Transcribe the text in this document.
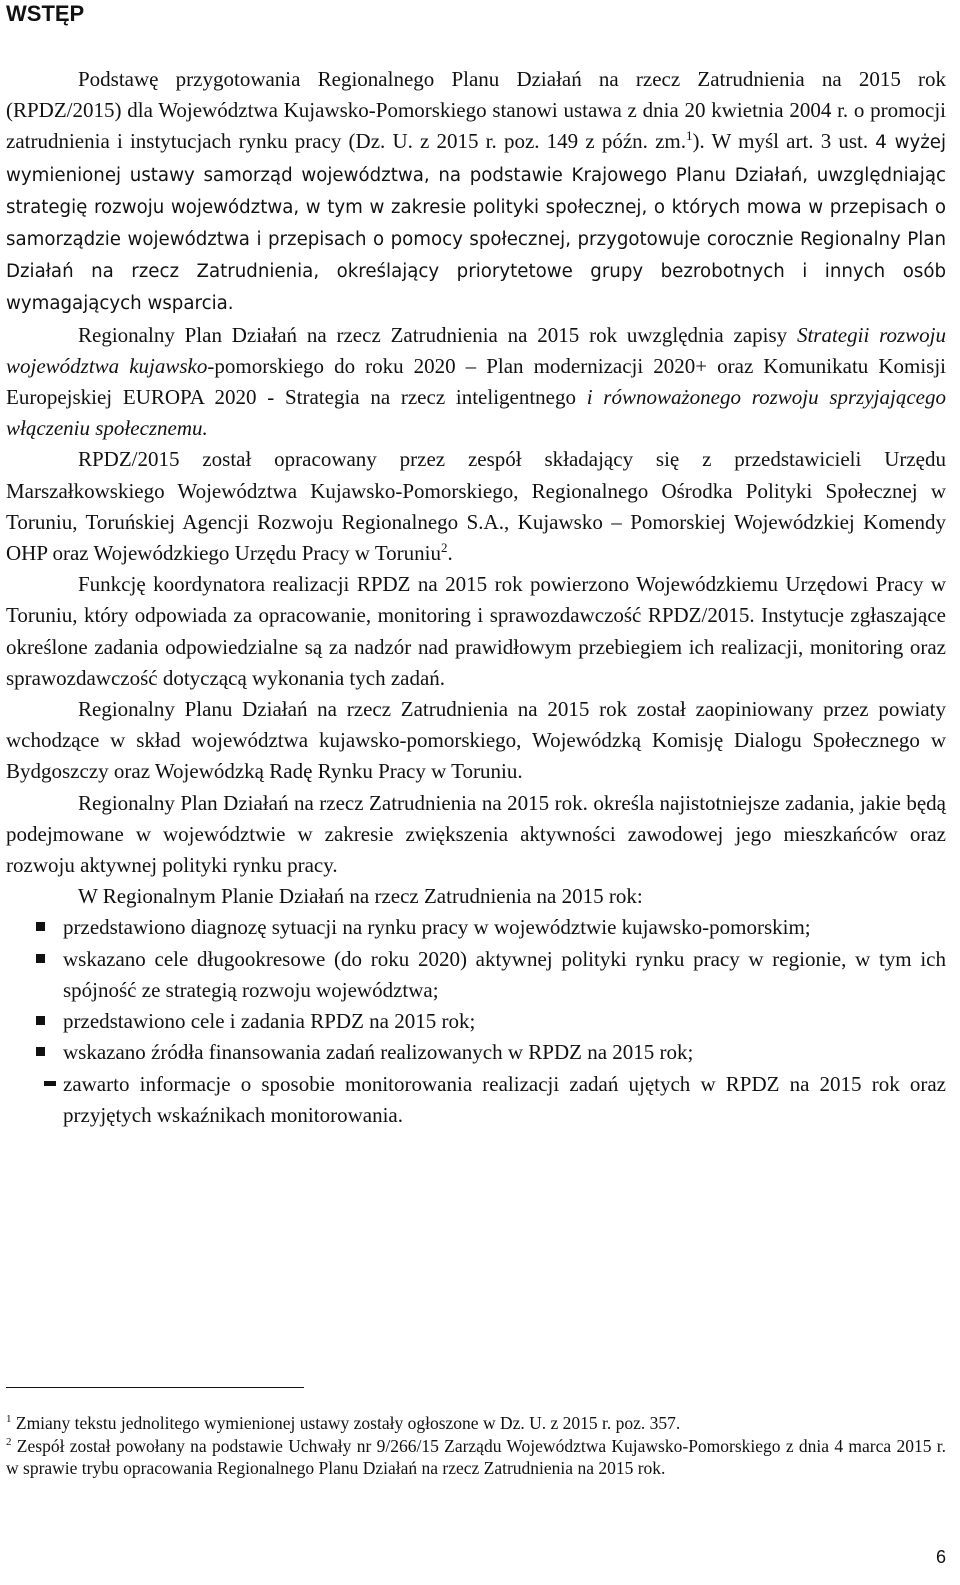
WSTĘP

Podstawę przygotowania Regionalnego Planu Działań na rzecz Zatrudnienia na 2015 rok (RPDZ/2015) dla Województwa Kujawsko-Pomorskiego stanowi ustawa z dnia 20 kwietnia 2004 r. o promocji zatrudnienia i instytucjach rynku pracy (Dz. U. z 2015 r. poz. 149 z późn. zm.$^1$). W myśl art. 3 ust. 4 wyżej wymienionej ustawy samorząd województwa, na podstawie Krajowego Planu Działań, uwzględniając strategię rozwoju województwa, w tym w zakresie polityki społecznej, o których mowa w przepisach o samorządzie województwa i przepisach o pomocy społecznej, przygotowuje corocznie Regionalny Plan Działań na rzecz Zatrudnienia, określający priorytetowe grupy bezrobotnych i innych osób wymagających wsparcia.

Regionalny Plan Działań na rzecz Zatrudnienia na 2015 rok uwzględnia zapisy Strategii rozwoju województwa kujawsko-pomorskiego do roku 2020 – Plan modernizacji 2020+ oraz Komunikatu Komisji Europejskiej EUROPA 2020 - Strategia na rzecz inteligentnego i równoważonego rozwoju sprzyjającego włączeniu społecznemu.

RPDZ/2015 został opracowany przez zespół składający się z przedstawicieli Urzędu Marszałkowskiego Województwa Kujawsko-Pomorskiego, Regionalnego Ośrodka Polityki Społecznej w Toruniu, Toruńskiej Agencji Rozwoju Regionalnego S.A., Kujawsko – Pomorskiej Wojewódzkiej Komendy OHP oraz Wojewódzkiego Urzędu Pracy w Toruniu$^2$.

Funkcję koordynatora realizacji RPDZ na 2015 rok powierzono Wojewódzkiemu Urzędowi Pracy w Toruniu, który odpowiada za opracowanie, monitoring i sprawozdawczość RPDZ/2015. Instytucje zgłaszające określone zadania odpowiedzialne są za nadzór nad prawidłowym przebiegiem ich realizacji, monitoring oraz sprawozdawczość dotyczącą wykonania tych zadań.

Regionalny Planu Działań na rzecz Zatrudnienia na 2015 rok został zaopiniowany przez powiaty wchodzące w skład województwa kujawsko-pomorskiego, Wojewódzką Komisję Dialogu Społecznego w Bydgoszczy oraz Wojewódzką Radę Rynku Pracy w Toruniu.

Regionalny Plan Działań na rzecz Zatrudnienia na 2015 rok. określa najistotniejsze zadania, jakie będą podejmowane w województwie w zakresie zwiększenia aktywności zawodowej jego mieszkańców oraz rozwoju aktywnej polityki rynku pracy.

W Regionalnym Planie Działań na rzecz Zatrudnienia na 2015 rok:

przedstawiono diagnozę sytuacji na rynku pracy w województwie kujawsko-pomorskim;
wskazano cele długookresowe (do roku 2020) aktywnej polityki rynku pracy w regionie, w tym ich spójność ze strategią rozwoju województwa;
przedstawiono cele i zadania RPDZ na 2015 rok;
wskazano źródła finansowania zadań realizowanych w RPDZ na 2015 rok;
zawarto informacje o sposobie monitorowania realizacji zadań ujętych w RPDZ na 2015 rok oraz przyjętych wskaźnikach monitorowania.

$^1$ Zmiany tekstu jednolitego wymienionej ustawy zostały ogłoszone w Dz. U. z 2015 r. poz. 357.

$^2$ Zespół został powołany na podstawie Uchwały nr 9/266/15 Zarządu Województwa Kujawsko-Pomorskiego z dnia 4 marca 2015 r. w sprawie trybu opracowania Regionalnego Planu Działań na rzecz Zatrudnienia na 2015 rok.

6
